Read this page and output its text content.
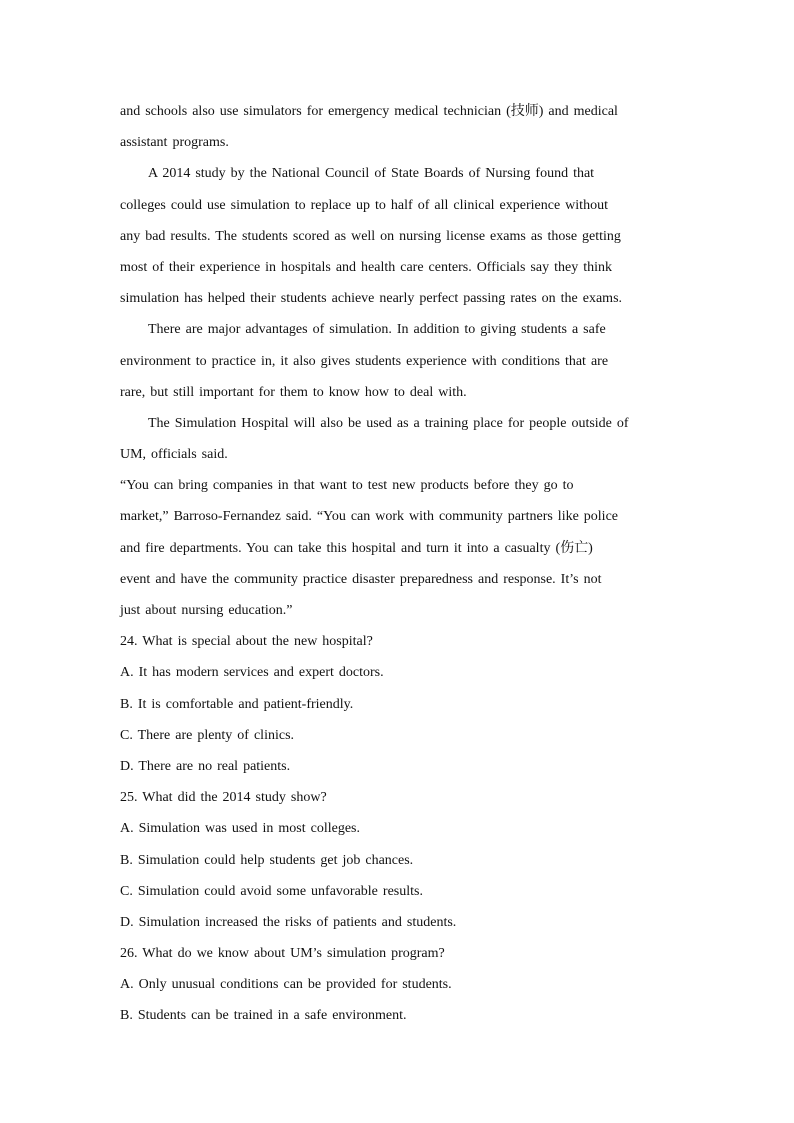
and schools also use simulators for emergency medical technician (技师) and medical
assistant programs.
A 2014 study by the National Council of State Boards of Nursing found that
colleges could use simulation to replace up to half of all clinical experience without
any bad results. The students scored as well on nursing license exams as those getting
most of their experience in hospitals and health care centers. Officials say they think
simulation has helped their students achieve nearly perfect passing rates on the exams.
There are major advantages of simulation. In addition to giving students a safe
environment to practice in, it also gives students experience with conditions that are
rare, but still important for them to know how to deal with.
The Simulation Hospital will also be used as a training place for people outside of
UM, officials said.
“You can bring companies in that want to test new products before they go to
market,” Barroso-Fernandez said. “You can work with community partners like police
and fire departments. You can take this hospital and turn it into a casualty (伤亡)
event and have the community practice disaster preparedness and response. It’s not
just about nursing education.”
24. What is special about the new hospital?
A. It has modern services and expert doctors.
B. It is comfortable and patient-friendly.
C. There are plenty of clinics.
D. There are no real patients.
25. What did the 2014 study show?
A. Simulation was used in most colleges.
B. Simulation could help students get job chances.
C. Simulation could avoid some unfavorable results.
D. Simulation increased the risks of patients and students.
26. What do we know about UM’s simulation program?
A. Only unusual conditions can be provided for students.
B. Students can be trained in a safe environment.
